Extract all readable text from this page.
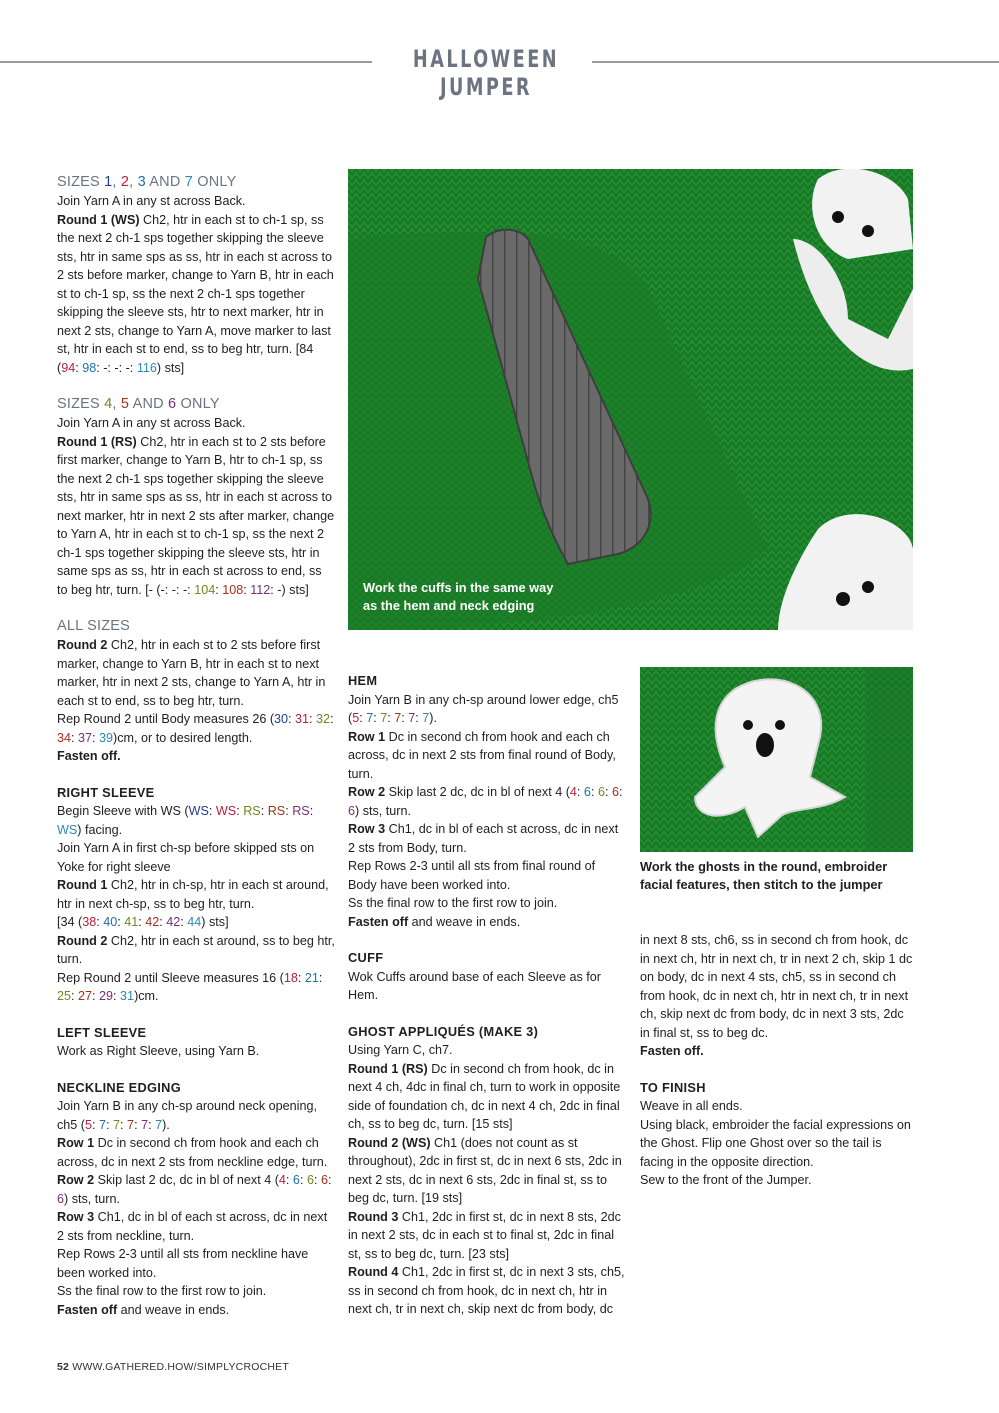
HALLOWEEN JUMPER

SIZES 1, 2, 3 AND 7 ONLY

Join Yarn A in any st across Back.

Round 1 (WS) Ch2, htr in each st to ch-1 sp, ss the next 2 ch-1 sps together skipping the sleeve sts, htr in same sps as ss, htr in each st across to 2 sts before marker, change to Yarn B, htr in each st to ch-1 sp, ss the next 2 ch-1 sps together skipping the sleeve sts, htr to next marker, htr in next 2 sts, change to Yarn A, move marker to last st, htr in each st to end, ss to beg htr, turn. [84 (94: 98: -: -: -: 116) sts]

SIZES 4, 5 AND 6 ONLY

Join Yarn A in any st across Back.

Round 1 (RS) Ch2, htr in each st to 2 sts before first marker, change to Yarn B, htr to ch-1 sp, ss the next 2 ch-1 sps together skipping the sleeve sts, htr in same sps as ss, htr in each st across to next marker, htr in next 2 sts after marker, change to Yarn A, htr in each st to ch-1 sp, ss the next 2 ch-1 sps together skipping the sleeve sts, htr in same sps as ss, htr in each st across to end, ss to beg htr, turn. [- (-: -: -: 104: 108: 112: -) sts]

ALL SIZES

Round 2 Ch2, htr in each st to 2 sts before first marker, change to Yarn B, htr in each st to next marker, htr in next 2 sts, change to Yarn A, htr in each st to end, ss to beg htr, turn.

Rep Round 2 until Body measures 26 (30: 31: 32: 34: 37: 39)cm, or to desired length.

Fasten off.

RIGHT SLEEVE

Begin Sleeve with WS (WS: WS: RS: RS: RS: WS) facing.

Join Yarn A in first ch-sp before skipped sts on Yoke for right sleeve

Round 1 Ch2, htr in ch-sp, htr in each st around, htr in next ch-sp, ss to beg htr, turn.
[34 (38: 40: 41: 42: 42: 44) sts]

Round 2 Ch2, htr in each st around, ss to beg htr, turn.

Rep Round 2 until Sleeve measures 16 (18: 21: 25: 27: 29: 31)cm.

LEFT SLEEVE

Work as Right Sleeve, using Yarn B.

NECKLINE EDGING

Join Yarn B in any ch-sp around neck opening, ch5 (5: 7: 7: 7: 7: 7).

Row 1 Dc in second ch from hook and each ch across, dc in next 2 sts from neckline edge, turn.

Row 2 Skip last 2 dc, dc in bl of next 4 (4: 6: 6: 6: 6) sts, turn.

Row 3 Ch1, dc in bl of each st across, dc in next 2 sts from neckline, turn.

Rep Rows 2-3 until all sts from neckline have been worked into.

Ss the final row to the first row to join.

Fasten off and weave in ends.

Work the cuffs in the same way as the hem and neck edging
Work the ghosts in the round, embroider facial features, then stitch to the jumper

HEM

Join Yarn B in any ch-sp around lower edge, ch5 (5: 7: 7: 7: 7: 7).

Row 1 Dc in second ch from hook and each ch across, dc in next 2 sts from final round of Body, turn.

Row 2 Skip last 2 dc, dc in bl of next 4 (4: 6: 6: 6: 6) sts, turn.

Row 3 Ch1, dc in bl of each st across, dc in next 2 sts from Body, turn.

Rep Rows 2-3 until all sts from final round of Body have been worked into.

Ss the final row to the first row to join.

Fasten off and weave in ends.

CUFF

Wok Cuffs around base of each Sleeve as for Hem.

GHOST APPLIQUÉS (MAKE 3)

Using Yarn C, ch7.

Round 1 (RS) Dc in second ch from hook, dc in next 4 ch, 4dc in final ch, turn to work in opposite side of foundation ch, dc in next 4 ch, 2dc in final ch, ss to beg dc, turn. [15 sts]

Round 2 (WS) Ch1 (does not count as st throughout), 2dc in first st, dc in next 6 sts, 2dc in next 2 sts, dc in next 6 sts, 2dc in final st, ss to beg dc, turn. [19 sts]

Round 3 Ch1, 2dc in first st, dc in next 8 sts, 2dc in next 2 sts, dc in each st to final st, 2dc in final st, ss to beg dc, turn. [23 sts]

Round 4 Ch1, 2dc in first st, dc in next 3 sts, ch5, ss in second ch from hook, dc in next ch, htr in next ch, tr in next ch, skip next dc from body, dc

in next 8 sts, ch6, ss in second ch from hook, dc in next ch, htr in next ch, tr in next 2 ch, skip 1 dc on body, dc in next 4 sts, ch5, ss in second ch from hook, dc in next ch, htr in next ch, tr in next ch, skip next dc from body, dc in next 3 sts, 2dc in final st, ss to beg dc.

Fasten off.

TO FINISH

Weave in all ends.

Using black, embroider the facial expressions on the Ghost. Flip one Ghost over so the tail is facing in the opposite direction.

Sew to the front of the Jumper.

52 WWW.GATHERED.HOW/SIMPLYCROCHET
